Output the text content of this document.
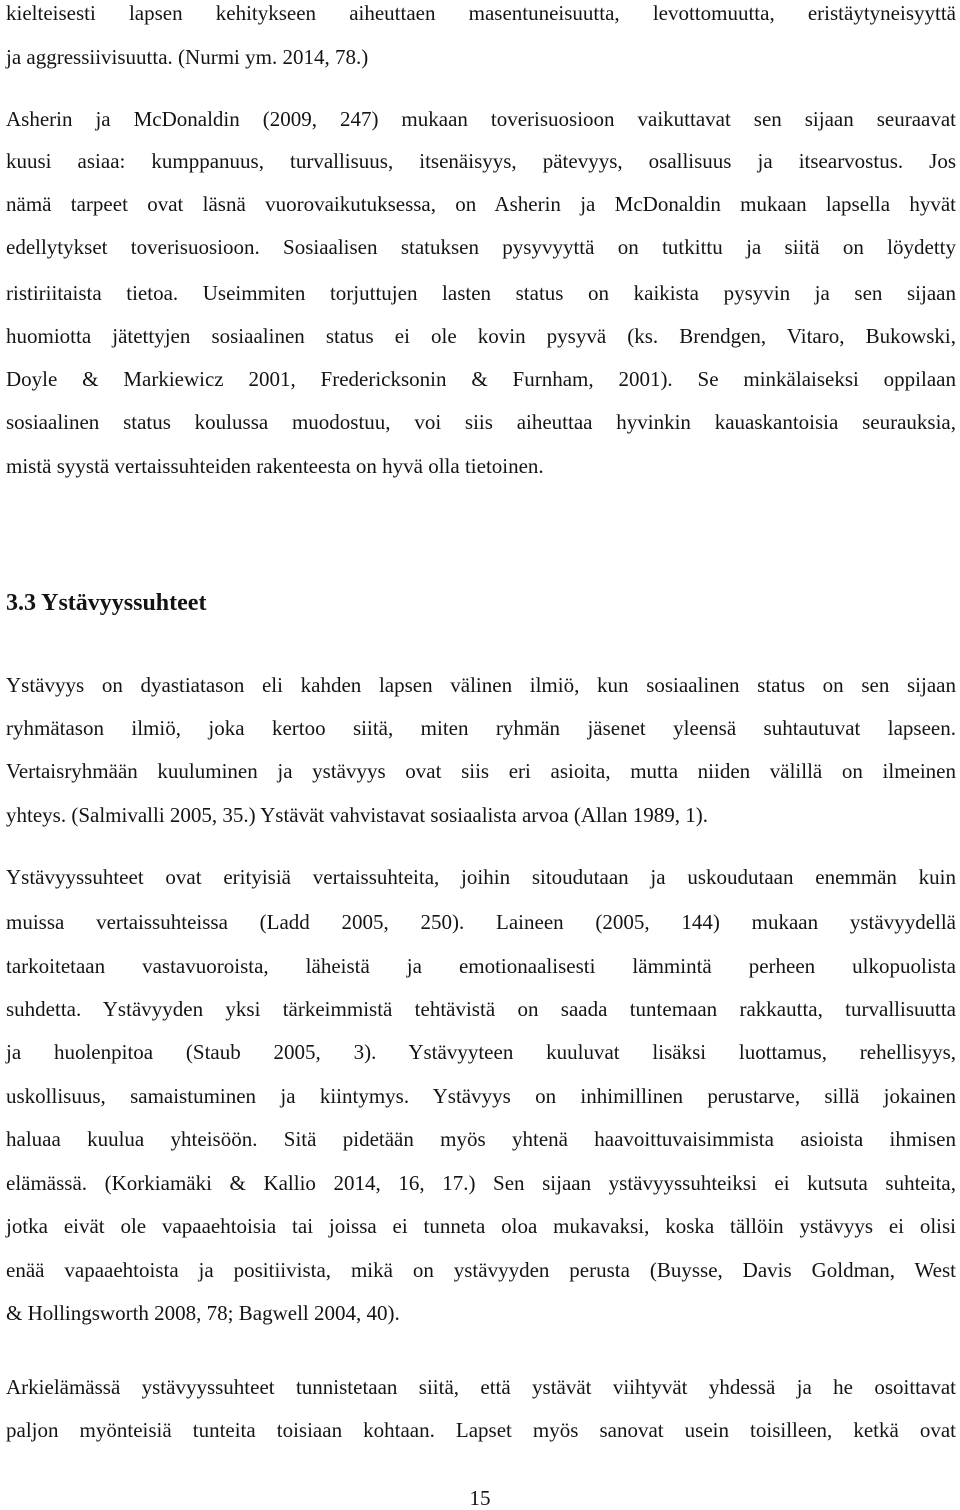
kielteisesti lapsen kehitykseen aiheuttaen masentuneisuutta, levottomuutta, eristäytyneisyyttä
ja aggressiivisuutta. (Nurmi ym. 2014, 78.)
Asherin ja McDonaldin (2009, 247) mukaan toverisuosioon vaikuttavat sen sijaan seuraavat
kuusi asiaa: kumppanuus, turvallisuus, itsenäisyys, pätevyys, osallisuus ja itsearvostus. Jos
nämä tarpeet ovat läsnä vuorovaikutuksessa, on Asherin ja McDonaldin mukaan lapsella hyvät
edellytykset toverisuosioon. Sosiaalisen statuksen pysyvyyttä on tutkittu ja siitä on löydetty
ristiriitaista tietoa. Useimmiten torjuttujen lasten status on kaikista pysyvin ja sen sijaan
huomiotta jätettyjen sosiaalinen status ei ole kovin pysyvä (ks. Brendgen, Vitaro, Bukowski,
Doyle & Markiewicz 2001, Fredericksonin & Furnham, 2001). Se minkälaiseksi oppilaan
sosiaalinen status koulussa muodostuu, voi siis aiheuttaa hyvinkin kauaskantoisia seurauksia,
mistä syystä vertaissuhteiden rakenteesta on hyvä olla tietoinen.
3.3 Ystävyyssuhteet
Ystävyys on dyastiatason eli kahden lapsen välinen ilmiö, kun sosiaalinen status on sen sijaan
ryhmätason ilmiö, joka kertoo siitä, miten ryhmän jäsenet yleensä suhtautuvat lapseen.
Vertaisryhmään kuuluminen ja ystävyys ovat siis eri asioita, mutta niiden välillä on ilmeinen
yhteys. (Salmivalli 2005, 35.) Ystävät vahvistavat sosiaalista arvoa (Allan 1989, 1).
Ystävyyssuhteet ovat erityisiä vertaissuhteita, joihin sitoudutaan ja uskoudutaan enemmän kuin
muissa vertaissuhteissa (Ladd 2005, 250). Laineen (2005, 144) mukaan ystävyydellä
tarkoitetaan vastavuoroista, läheistä ja emotionaalisesti lämmintä perheen ulkopuolista
suhdetta. Ystävyyden yksi tärkeimmistä tehtävistä on saada tuntemaan rakkautta, turvallisuutta
ja huolenpitoa (Staub 2005, 3). Ystävyyteen kuuluvat lisäksi luottamus, rehellisyys,
uskollisuus, samaistuminen ja kiintymys. Ystävyys on inhimillinen perustarve, sillä jokainen
haluaa kuulua yhteisöön. Sitä pidetään myös yhtenä haavoittuvaisimmista asioista ihmisen
elämässä. (Korkiamäki & Kallio 2014, 16, 17.) Sen sijaan ystävyyssuhteiksi ei kutsuta suhteita,
jotka eivät ole vapaaehtoisia tai joissa ei tunneta oloa mukavaksi, koska tällöin ystävyys ei olisi
enää vapaaehtoista ja positiivista, mikä on ystävyyden perusta (Buysse, Davis Goldman, West
& Hollingsworth 2008, 78; Bagwell 2004, 40).
Arkielämässä ystävyyssuhteet tunnistetaan siitä, että ystävät viihtyvät yhdessä ja he osoittavat
paljon myönteisiä tunteita toisiaan kohtaan. Lapset myös sanovat usein toisilleen, ketkä ovat
15
